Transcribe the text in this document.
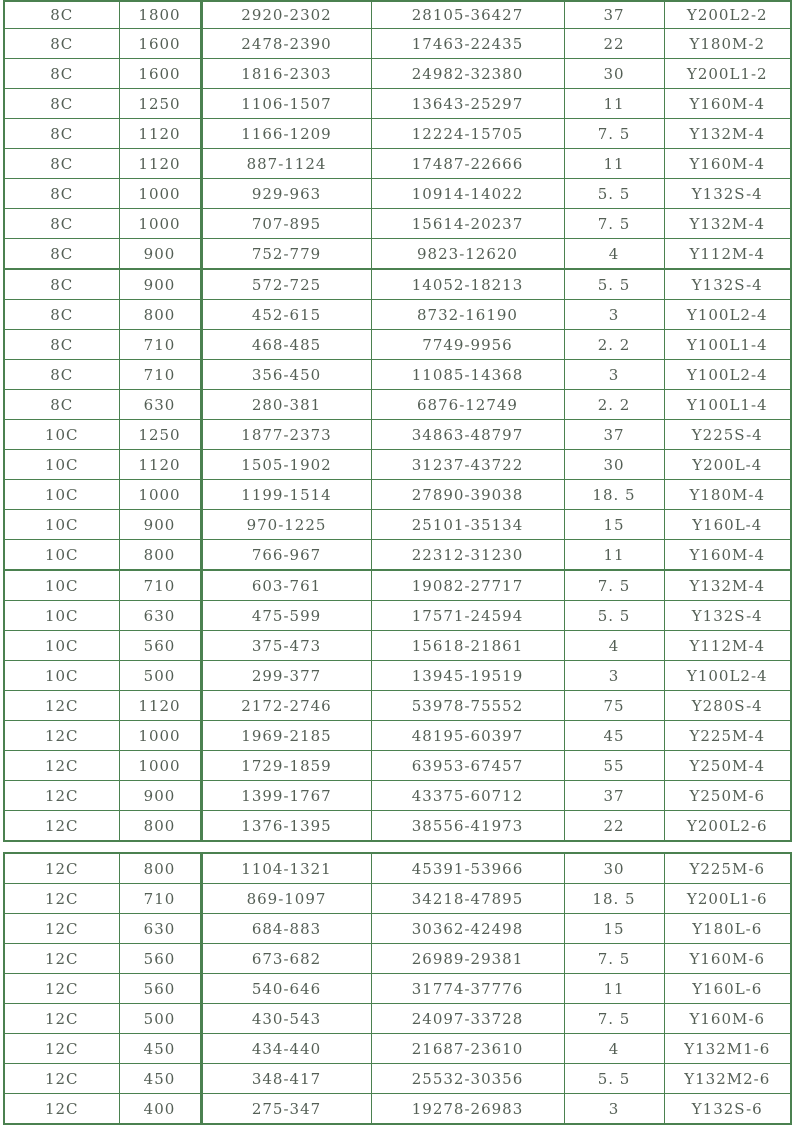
8C	1800	2920-2302	28105-36427	37	Y200L2-2
8C	1600	2478-2390	17463-22435	22	Y180M-2
8C	1600	1816-2303	24982-32380	30	Y200L1-2
8C	1250	1106-1507	13643-25297	11	Y160M-4
8C	1120	1166-1209	12224-15705	7. 5	Y132M-4
8C	1120	887-1124	17487-22666	11	Y160M-4
8C	1000	929-963	10914-14022	5. 5	Y132S-4
8C	1000	707-895	15614-20237	7. 5	Y132M-4
8C	900	752-779	9823-12620	4	Y112M-4
8C	900	572-725	14052-18213	5. 5	Y132S-4
8C	800	452-615	8732-16190	3	Y100L2-4
8C	710	468-485	7749-9956	2. 2	Y100L1-4
8C	710	356-450	11085-14368	3	Y100L2-4
8C	630	280-381	6876-12749	2. 2	Y100L1-4
10C	1250	1877-2373	34863-48797	37	Y225S-4
10C	1120	1505-1902	31237-43722	30	Y200L-4
10C	1000	1199-1514	27890-39038	18. 5	Y180M-4
10C	900	970-1225	25101-35134	15	Y160L-4
10C	800	766-967	22312-31230	11	Y160M-4
10C	710	603-761	19082-27717	7. 5	Y132M-4
10C	630	475-599	17571-24594	5. 5	Y132S-4
10C	560	375-473	15618-21861	4	Y112M-4
10C	500	299-377	13945-19519	3	Y100L2-4
12C	1120	2172-2746	53978-75552	75	Y280S-4
12C	1000	1969-2185	48195-60397	45	Y225M-4
12C	1000	1729-1859	63953-67457	55	Y250M-4
12C	900	1399-1767	43375-60712	37	Y250M-6
12C	800	1376-1395	38556-41973	22	Y200L2-6
12C	800	1104-1321	45391-53966	30	Y225M-6
12C	710	869-1097	34218-47895	18. 5	Y200L1-6
12C	630	684-883	30362-42498	15	Y180L-6
12C	560	673-682	26989-29381	7. 5	Y160M-6
12C	560	540-646	31774-37776	11	Y160L-6
12C	500	430-543	24097-33728	7. 5	Y160M-6
12C	450	434-440	21687-23610	4	Y132M1-6
12C	450	348-417	25532-30356	5. 5	Y132M2-6
12C	400	275-347	19278-26983	3	Y132S-6
